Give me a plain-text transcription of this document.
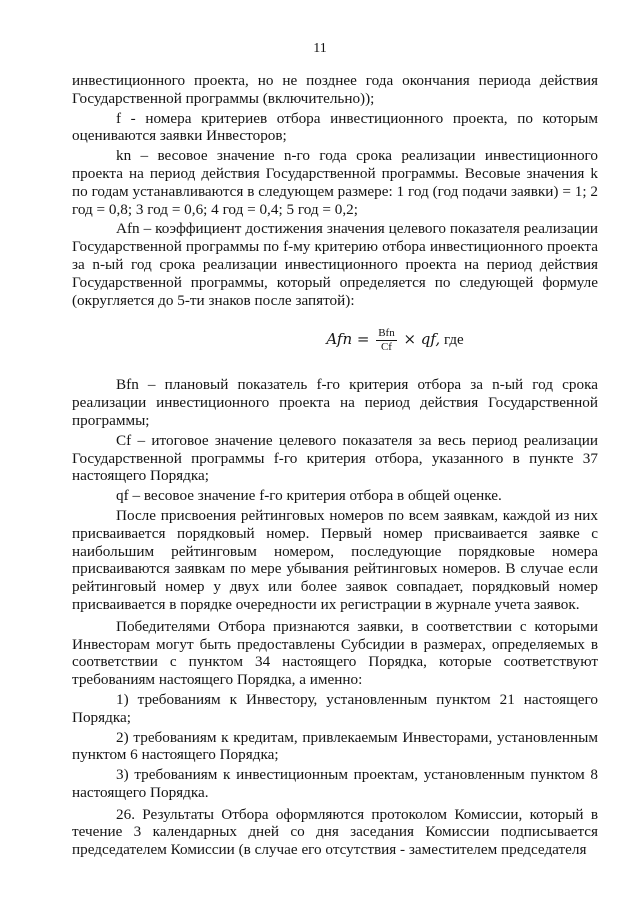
11

инвестиционного проекта, но не позднее года окончания периода действия Государственной программы (включительно));

f - номера критериев отбора инвестиционного проекта, по которым оцениваются заявки Инвесторов;

kn – весовое значение n-го года срока реализации инвестиционного проекта на период действия Государственной программы. Весовые значения k по годам устанавливаются в следующем размере: 1 год (год подачи заявки) = 1; 2 год = 0,8; 3 год = 0,6; 4 год = 0,4; 5 год = 0,2;

Afn – коэффициент достижения значения целевого показателя реализации Государственной программы по f-му критерию отбора инвестиционного проекта за n-ый год срока реализации инвестиционного проекта на период действия Государственной программы, который определяется по следующей формуле (округляется до 5-ти знаков после запятой):

Afn = $\frac{\text{Bfn}}{Cf}$ × qf, где

Bfn – плановый показатель f-го критерия отбора за n-ый год срока реализации инвестиционного проекта на период действия Государственной программы;

Cf – итоговое значение целевого показателя за весь период реализации Государственной программы f-го критерия отбора, указанного в пункте 37 настоящего Порядка;

qf – весовое значение f-го критерия отбора в общей оценке.

После присвоения рейтинговых номеров по всем заявкам, каждой из них присваивается порядковый номер. Первый номер присваивается заявке с наибольшим рейтинговым номером, последующие порядковые номера присваиваются заявкам по мере убывания рейтинговых номеров. В случае если рейтинговый номер у двух или более заявок совпадает, порядковый номер присваивается в порядке очередности их регистрации в журнале учета заявок.

Победителями Отбора признаются заявки, в соответствии с которыми Инвесторам могут быть предоставлены Субсидии в размерах, определяемых в соответствии с пунктом 34 настоящего Порядка, которые соответствуют требованиям настоящего Порядка, а именно:

1) требованиям к Инвестору, установленным пунктом 21 настоящего Порядка;

2) требованиям к кредитам, привлекаемым Инвесторами, установленным пунктом 6 настоящего Порядка;

3) требованиям к инвестиционным проектам, установленным пунктом 8 настоящего Порядка.

26. Результаты Отбора оформляются протоколом Комиссии, который в течение 3 календарных дней со дня заседания Комиссии подписывается председателем Комиссии (в случае его отсутствия - заместителем председателя
